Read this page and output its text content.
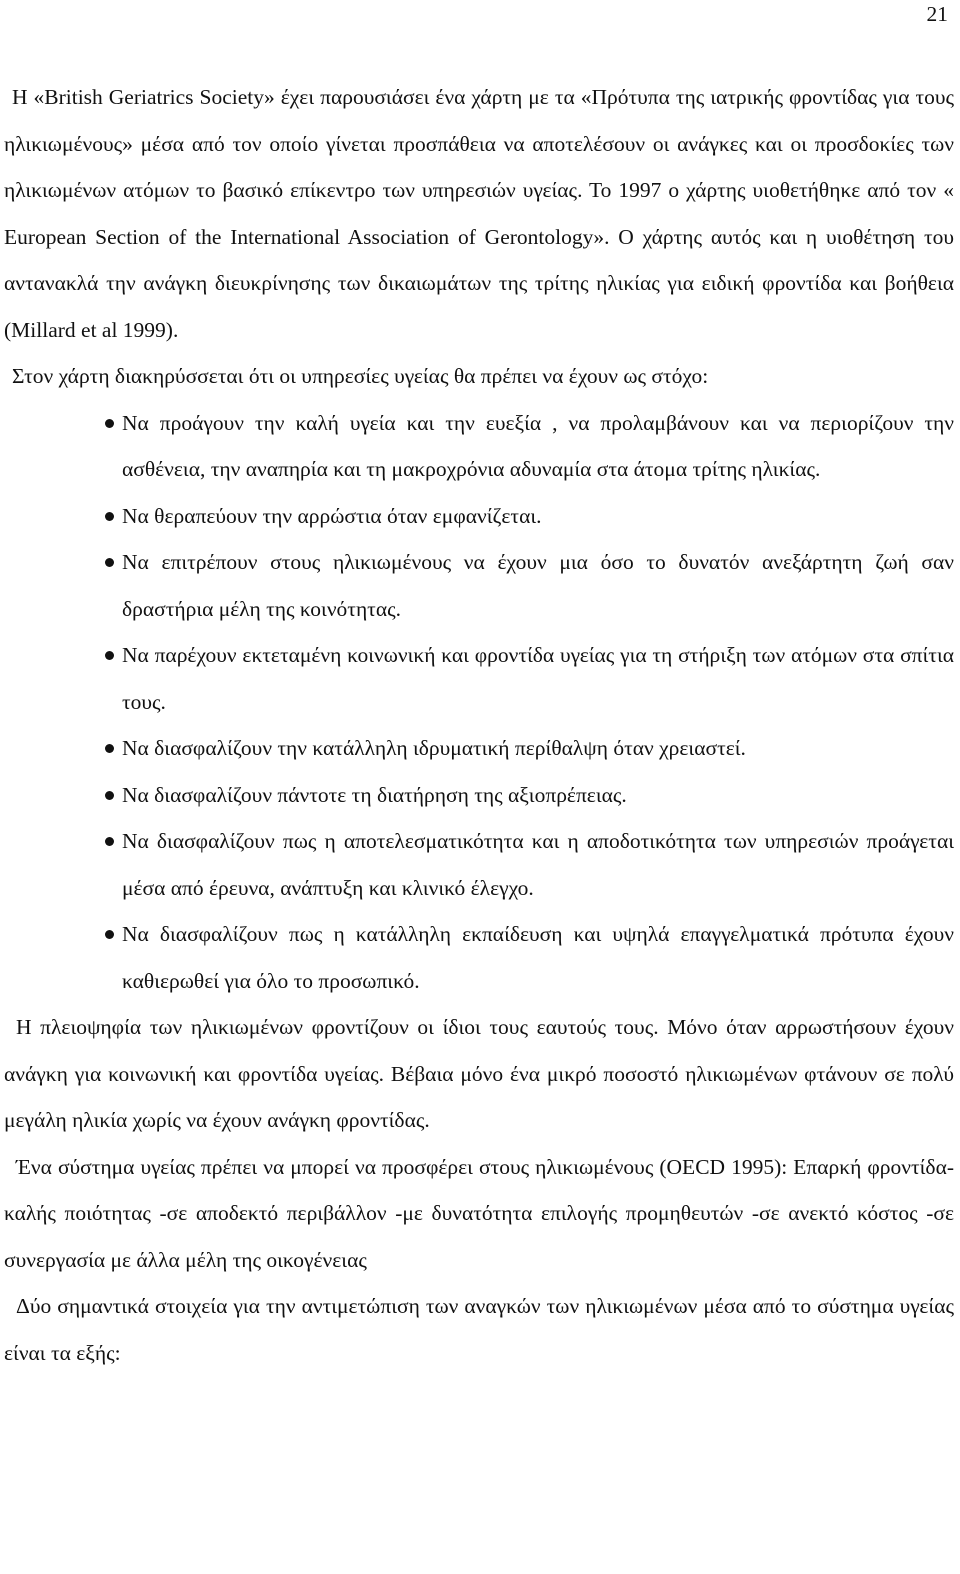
21

Η «British Geriatrics Society» έχει παρουσιάσει ένα χάρτη με τα «Πρότυπα της ιατρικής φροντίδας για τους ηλικιωμένους» μέσα από τον οποίο γίνεται προσπάθεια να αποτελέσουν οι ανάγκες και οι προσδοκίες των ηλικιωμένων ατόμων το βασικό επίκεντρο των υπηρεσιών υγείας. Το 1997 ο χάρτης υιοθετήθηκε από τον « European Section of the International Association of Gerontology». Ο χάρτης αυτός και η υιοθέτηση του αντανακλά την ανάγκη διευκρίνησης των δικαιωμάτων της τρίτης ηλικίας για ειδική φροντίδα και βοήθεια (Millard et al 1999).

Στον χάρτη διακηρύσσεται ότι οι υπηρεσίες υγείας θα πρέπει να έχουν ως στόχο:

Να προάγουν την καλή υγεία και την ευεξία , να προλαμβάνουν και να περιορίζουν την ασθένεια, την αναπηρία και τη μακροχρόνια αδυναμία στα άτομα τρίτης ηλικίας.
Να θεραπεύουν την αρρώστια όταν εμφανίζεται.
Να επιτρέπουν στους ηλικιωμένους να έχουν μια όσο το δυνατόν ανεξάρτητη ζωή σαν δραστήρια μέλη της κοινότητας.
Να παρέχουν εκτεταμένη κοινωνική και φροντίδα υγείας για τη στήριξη των ατόμων στα σπίτια τους.
Να διασφαλίζουν την κατάλληλη ιδρυματική περίθαλψη όταν χρειαστεί.
Να διασφαλίζουν πάντοτε τη διατήρηση της αξιοπρέπειας.
Να διασφαλίζουν πως η αποτελεσματικότητα και η αποδοτικότητα των υπηρεσιών προάγεται μέσα από έρευνα, ανάπτυξη και κλινικό έλεγχο.
Να διασφαλίζουν πως η κατάλληλη εκπαίδευση και υψηλά επαγγελματικά πρότυπα έχουν καθιερωθεί για όλο το προσωπικό.

Η πλειοψηφία των ηλικιωμένων φροντίζουν οι ίδιοι τους εαυτούς τους. Μόνο όταν αρρωστήσουν έχουν ανάγκη για κοινωνική και φροντίδα υγείας. Βέβαια μόνο ένα μικρό ποσοστό ηλικιωμένων φτάνουν σε πολύ μεγάλη ηλικία χωρίς να έχουν ανάγκη φροντίδας.

Ένα σύστημα υγείας πρέπει να μπορεί να προσφέρει στους ηλικιωμένους (OECD 1995): Επαρκή φροντίδα-καλής ποιότητας -σε αποδεκτό περιβάλλον -με δυνατότητα επιλογής προμηθευτών -σε ανεκτό κόστος -σε συνεργασία με άλλα μέλη της οικογένειας

Δύο σημαντικά στοιχεία για την αντιμετώπιση των αναγκών των ηλικιωμένων μέσα από το σύστημα υγείας είναι τα εξής:
